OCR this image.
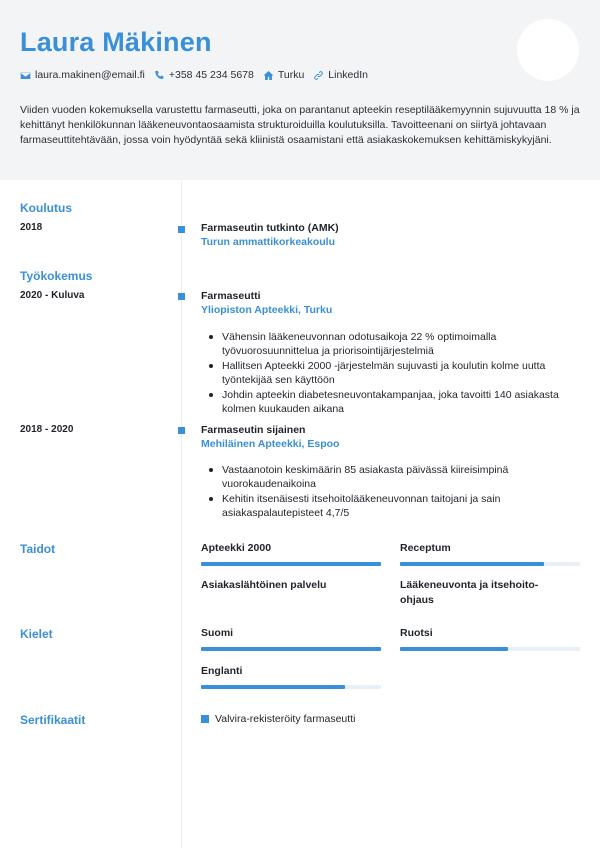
Laura Mäkinen
laura.makinen@email.fi +358 45 234 5678 Turku LinkedIn
Viiden vuoden kokemuksella varustettu farmaseutti, joka on parantanut apteekin reseptilääkemyynnin sujuvuutta 18 % ja kehittänyt henkilökunnan lääkeneuvontaosaamista strukturoiduilla koulutuksilla. Tavoitteenani on siirtyä johtavaan farmaseuttitehtävään, jossa voin hyödyntää sekä kliinistä osaamistani että asiakaskokemuksen kehittämiskykyjäni.
Koulutus
2018	Farmaseutin tutkinto (AMK)
Turun ammattikorkeakoulu
Työkokemus
2020 - Kuluva	Farmaseutti
Yliopiston Apteekki, Turku
Vähensin lääkeneuvonnan odotusaikoja 22 % optimoimalla työvuorosuunnittelua ja priorisointijärjestelmiä
Hallitsen Apteekki 2000 -järjestelmän sujuvasti ja koulutin kolme uutta työntekijää sen käyttöön
Johdin apteekin diabetesneuvontakampanjaa, joka tavoitti 140 asiakasta kolmen kuukauden aikana
2018 - 2020	Farmaseutin sijainen
Mehiläinen Apteekki, Espoo
Vastaanotoin keskimäärin 85 asiakasta päivässä kiireisimpinä vuorokaudenaikoina
Kehitin itsenäisesti itsehoitolääkeneuvonnan taitojani ja sain asiakaspalautepisteet 4,7/5
Taidot	Apteekki 2000	Receptum
Asiakaslähtöinen palvelu	Lääkeneuvonta ja itsehoito-ohjaus
Kielet	Suomi	Ruotsi
Englanti
Sertifikaatit	Valvira-rekisteröity farmaseutti
